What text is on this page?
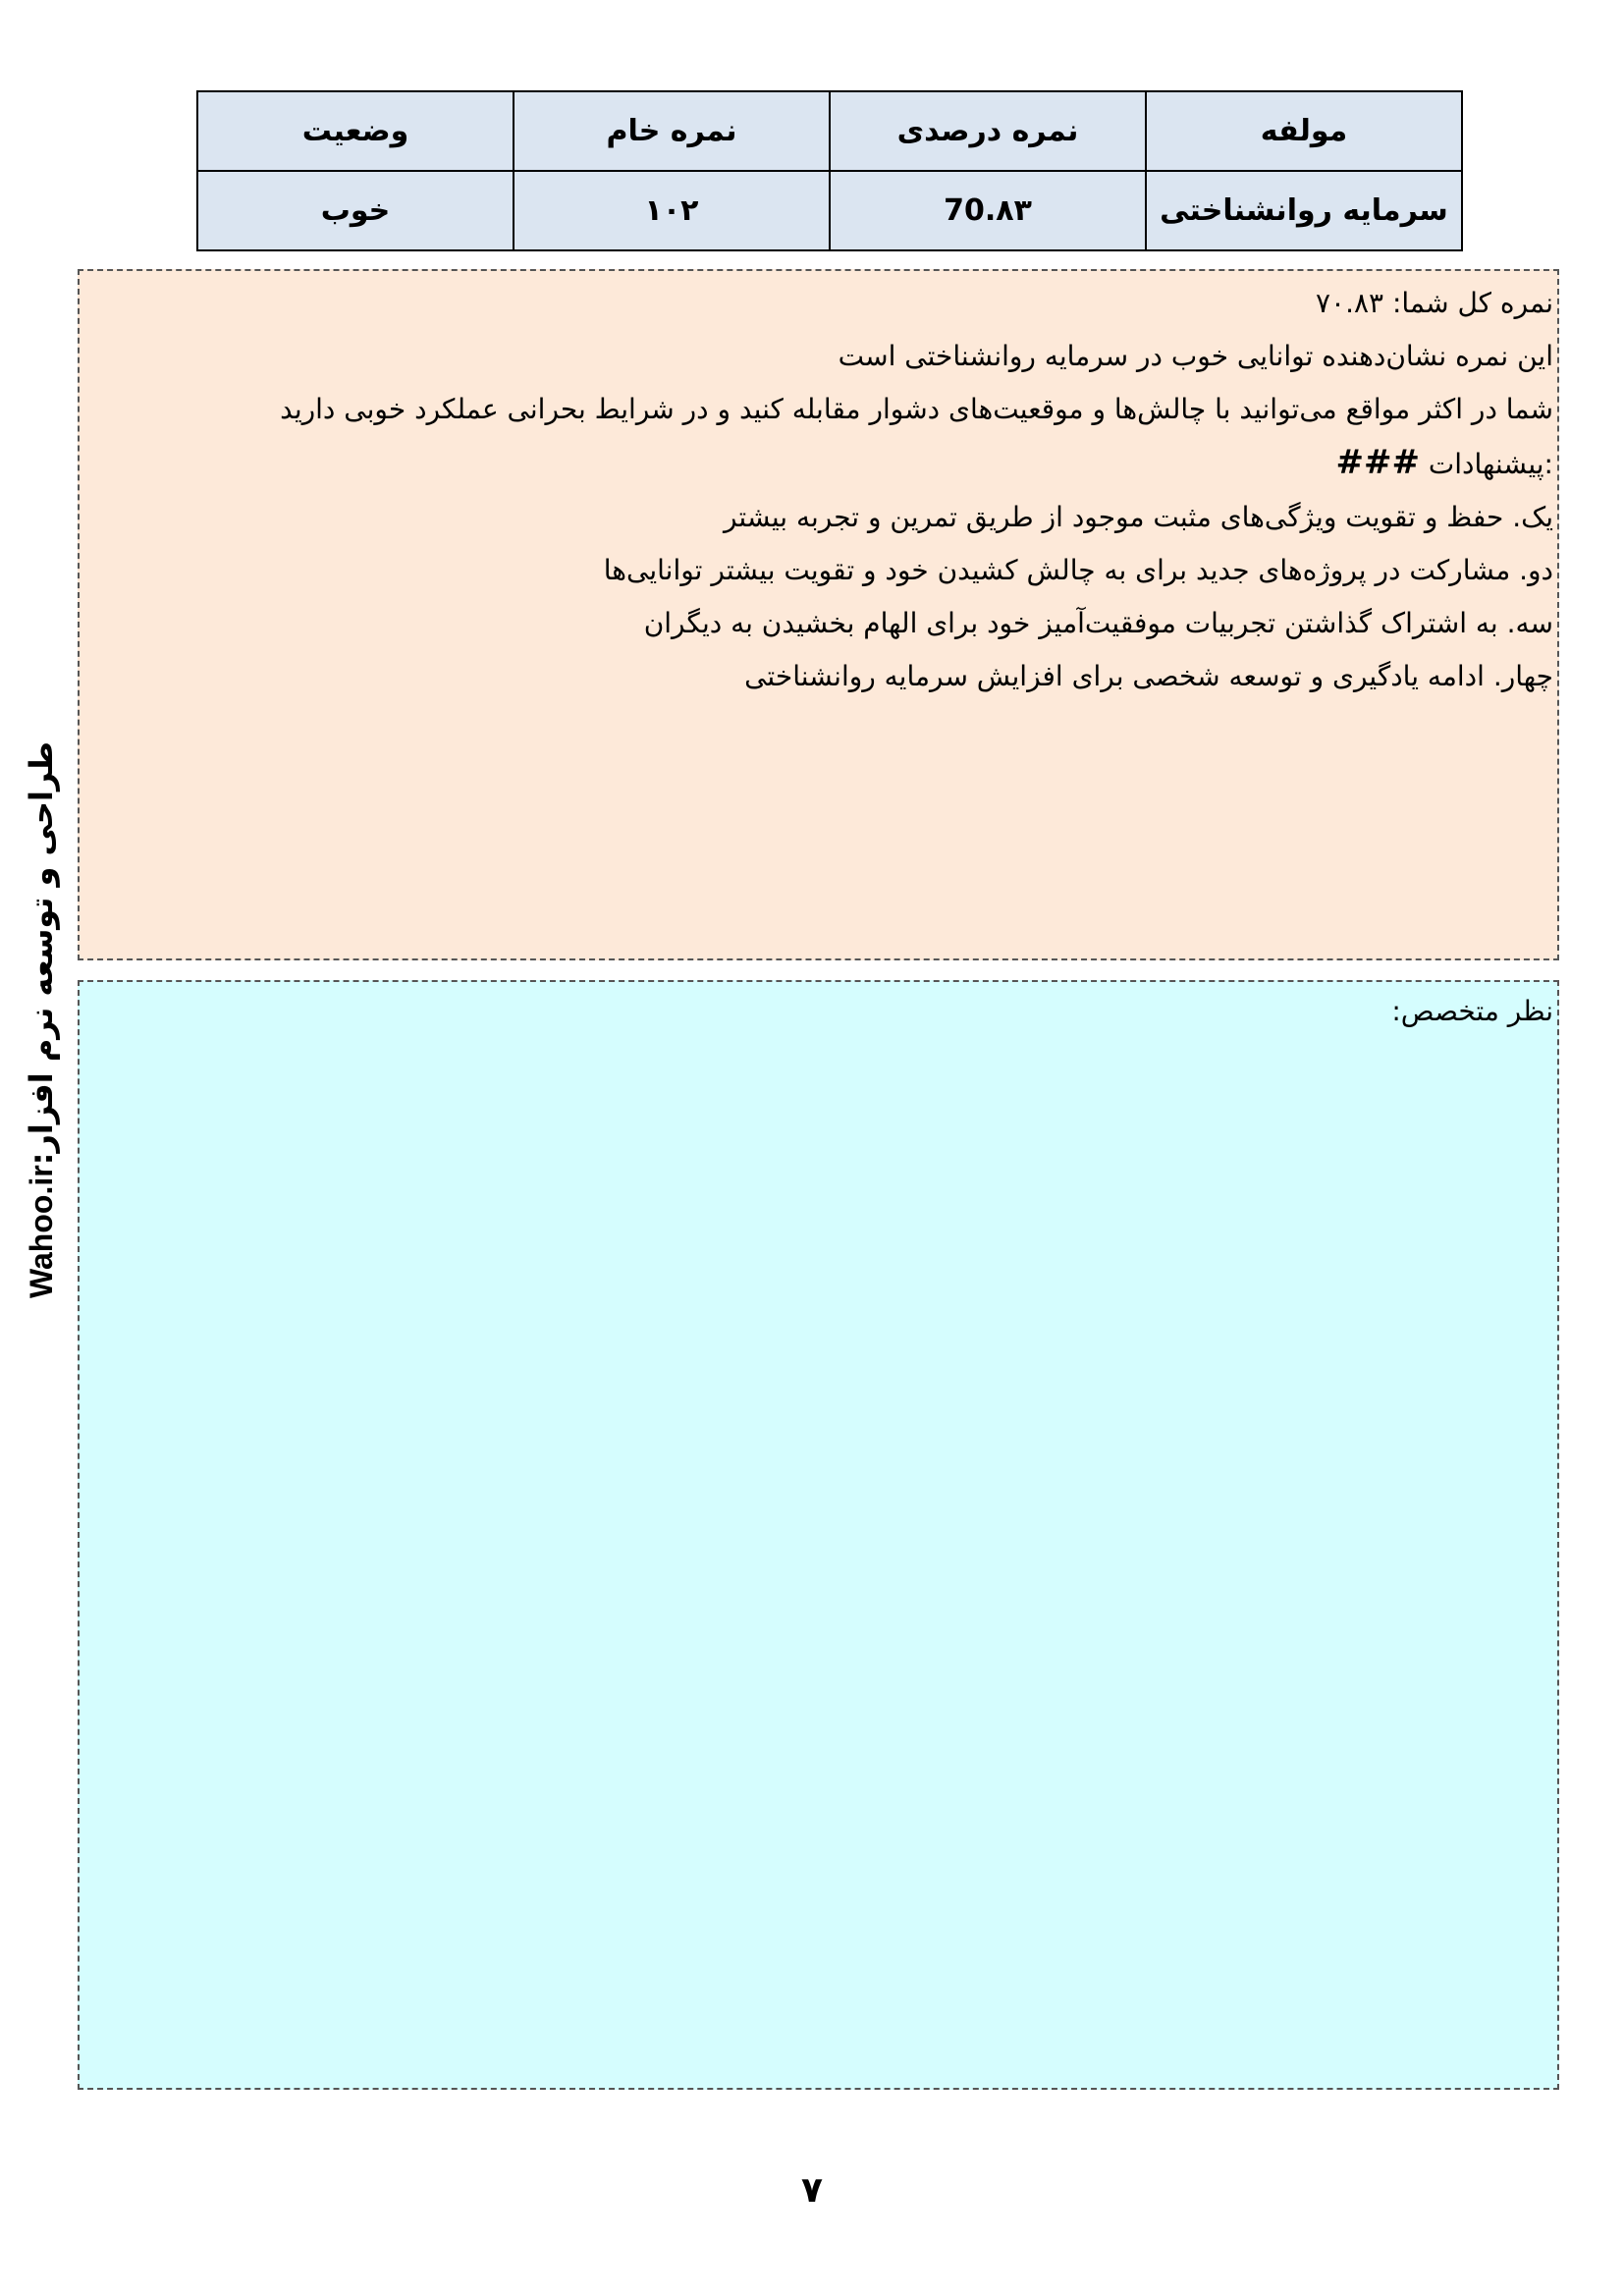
مولفه	نمره درصدی	نمره خام	وضعیت
سرمایه روانشناختی	70.۸۳	۱۰۲	خوب

نمره کل شما: ۷۰.۸۳

این نمره نشان‌دهنده توانایی خوب در سرمایه روانشناختی است

شما در اکثر مواقع می‌توانید با چالش‌ها و موقعیت‌های دشوار مقابله کنید و در شرایط بحرانی عملکرد خوبی دارید

:پیشنهادات ###

یک. حفظ و تقویت ویژگی‌های مثبت موجود از طریق تمرین و تجربه بیشتر

دو. مشارکت در پروژه‌های جدید برای به چالش کشیدن خود و تقویت بیشتر توانایی‌ها

سه. به اشتراک گذاشتن تجربیات موفقیت‌آمیز خود برای الهام بخشیدن به دیگران

چهار. ادامه یادگیری و توسعه شخصی برای افزایش سرمایه روانشناختی

نظر متخصص:
Wahoo.ir
طراحی و توسعه نرم افزار:
۷
